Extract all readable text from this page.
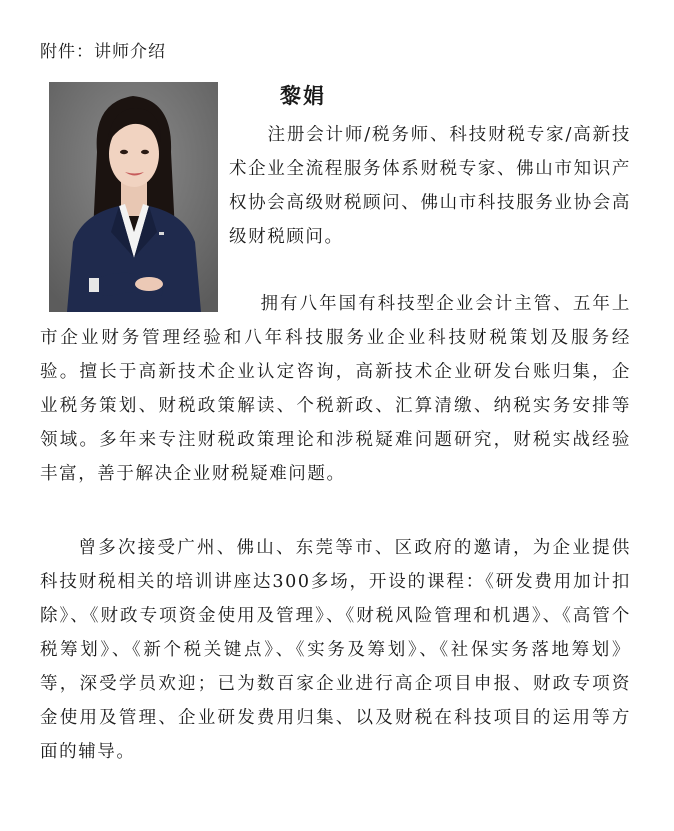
附件：讲师介绍
黎娟
注册会计师/税务师、科技财税专家/高新技术企业全流程服务体系财税专家、佛山市知识产权协会高级财税顾问、佛山市科技服务业协会高级财税顾问。
拥有八年国有科技型企业会计主管、五年上市企业财务管理经验和八年科技服务业企业科技财税策划及服务经验。擅长于高新技术企业认定咨询，高新技术企业研发台账归集，企业税务策划、财税政策解读、个税新政、汇算清缴、纳税实务安排等领域。多年来专注财税政策理论和涉税疑难问题研究，财税实战经验丰富，善于解决企业财税疑难问题。
曾多次接受广州、佛山、东莞等市、区政府的邀请，为企业提供科技财税相关的培训讲座达300多场，开设的课程：《研发费用加计扣除》、《财政专项资金使用及管理》、《财税风险管理和机遇》、《高管个税筹划》、《新个税关键点》、《实务及筹划》、《社保实务落地筹划》等，深受学员欢迎；已为数百家企业进行高企项目申报、财政专项资金使用及管理、企业研发费用归集、以及财税在科技项目的运用等方面的辅导。
